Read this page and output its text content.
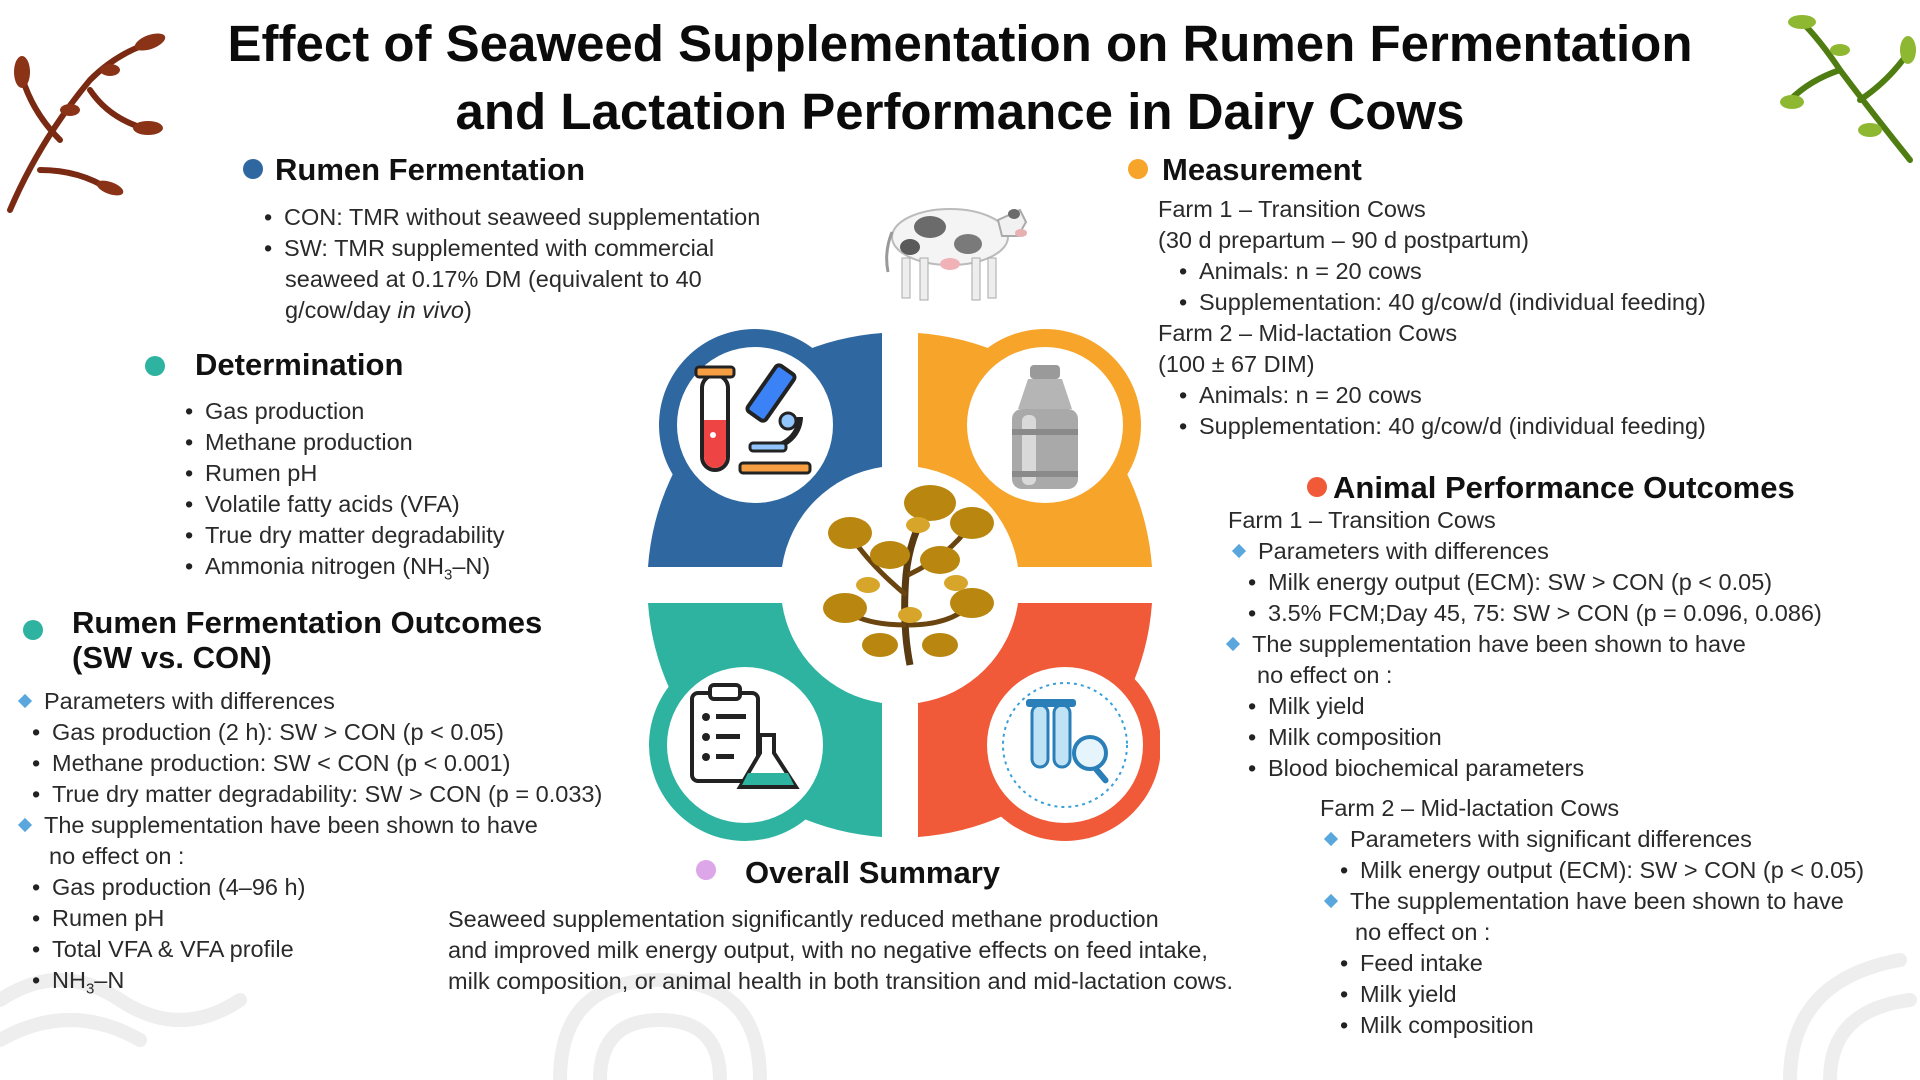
Effect of Seaweed Supplementation on Rumen Fermentation
and Lactation Performance in Dairy Cows
Rumen Fermentation
• CON: TMR without seaweed supplementation
• SW: TMR supplemented with commercial
seaweed at 0.17% DM (equivalent to 40
g/cow/day in vivo)
Determination
• Gas production
• Methane production
• Rumen pH
• Volatile fatty acids (VFA)
• True dry matter degradability
• Ammonia nitrogen $(NH_3-N)$
Rumen Fermentation Outcomes
(SW vs. CON)
Parameters with differences
• Gas production (2 h): SW > CON (p < 0.05)
• Methane production: SW < CON (p < 0.001)
• True dry matter degradability: SW > CON (p = 0.033)
The supplementation have been shown to have
no effect on :
• Gas production (4–96 h)
• Rumen pH
• Total VFA & VFA profile
• $NH_3-N$
Measurement
Farm 1 – Transition Cows
(30 d prepartum – 90 d postpartum)
• Animals: n = 20 cows
• Supplementation: 40 g/cow/d (individual feeding)
Farm 2 – Mid-lactation Cows
(100 ± 67 DIM)
• Animals: n = 20 cows
• Supplementation: 40 g/cow/d (individual feeding)
Animal Performance Outcomes
Farm 1 – Transition Cows
Parameters with differences
• Milk energy output (ECM): SW > CON (p < 0.05)
• 3.5% FCM;Day 45, 75: SW > CON (p = 0.096, 0.086)
The supplementation have been shown to have
no effect on :
• Milk yield
• Milk composition
• Blood biochemical parameters
Farm 2 – Mid-lactation Cows
Parameters with significant differences
• Milk energy output (ECM): SW > CON (p < 0.05)
The supplementation have been shown to have
no effect on :
• Feed intake
• Milk yield
• Milk composition
Overall Summary
Seaweed supplementation significantly reduced methane production
and improved milk energy output, with no negative effects on feed intake,
milk composition, or animal health in both transition and mid-lactation cows.
